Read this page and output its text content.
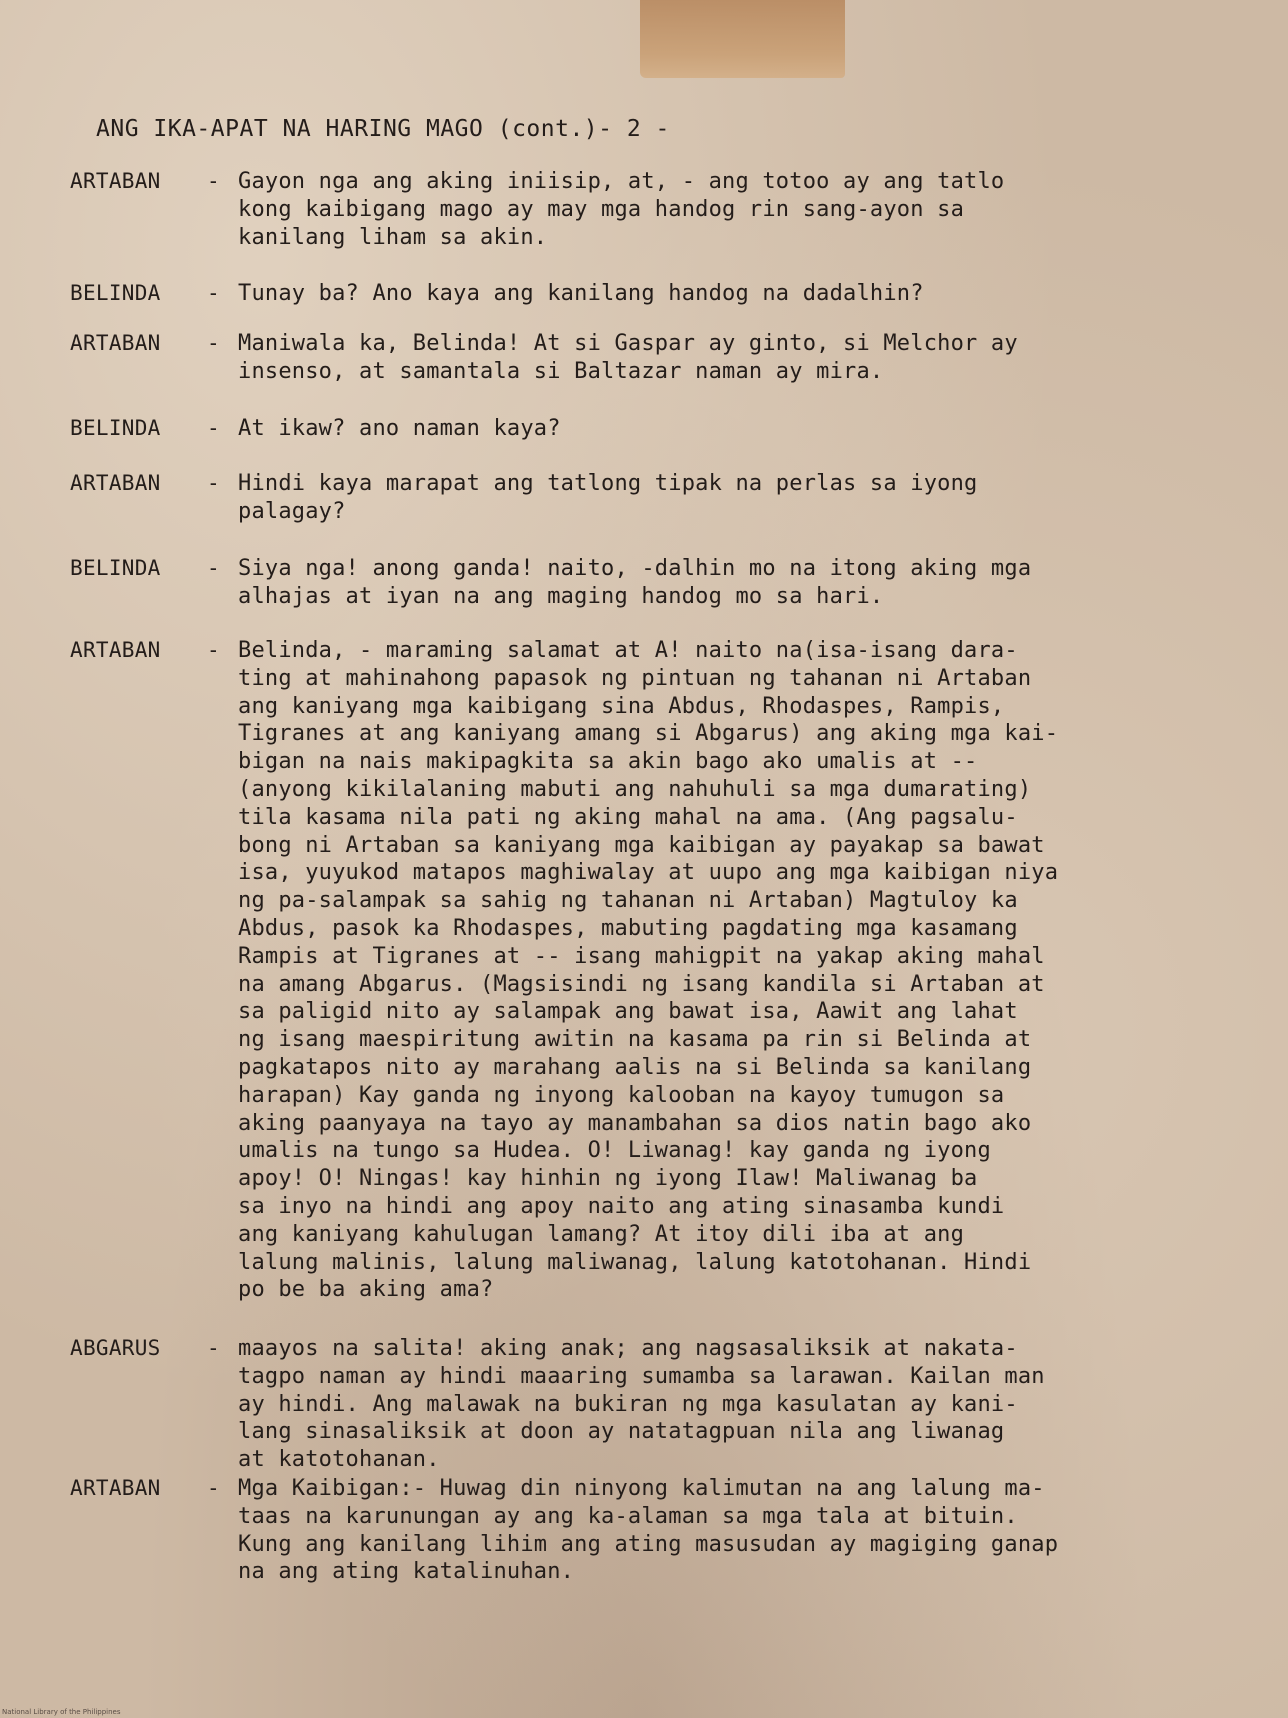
ANG IKA-APAT NA HARING MAGO (cont.)- 2 -
ARTABAN	- Gayon nga ang aking iniisip, at, - ang totoo ay ang tatlo
kong kaibigang mago ay may mga handog rin sang-ayon sa
kanilang liham sa akin.
BELINDA	- Tunay ba? Ano kaya ang kanilang handog na dadalhin?
ARTABAN	- Maniwala ka, Belinda! At si Gaspar ay ginto, si Melchor ay
insenso, at samantala si Baltazar naman ay mira.
BELINDA	- At ikaw? ano naman kaya?
ARTABAN	- Hindi kaya marapat ang tatlong tipak na perlas sa iyong
palagay?
BELINDA	- Siya nga! anong ganda! naito, -dalhin mo na itong aking mga
alhajas at iyan na ang maging handog mo sa hari.
ARTABAN	- Belinda, - maraming salamat at A! naito na(isa-isang dara-
ting at mahinahong papasok ng pintuan ng tahanan ni Artaban
ang kaniyang mga kaibigang sina Abdus, Rhodaspes, Rampis,
Tigranes at ang kaniyang amang si Abgarus) ang aking mga kai-
bigan na nais makipagkita sa akin bago ako umalis at --
(anyong kikilalaning mabuti ang nahuhuli sa mga dumarating)
tila kasama nila pati ng aking mahal na ama. (Ang pagsalu-
bong ni Artaban sa kaniyang mga kaibigan ay payakap sa bawat
isa, yuyukod matapos maghiwalay at uupo ang mga kaibigan niya
ng pa-salampak sa sahig ng tahanan ni Artaban) Magtuloy ka
Abdus, pasok ka Rhodaspes, mabuting pagdating mga kasamang
Rampis at Tigranes at -- isang mahigpit na yakap aking mahal
na amang Abgarus. (Magsisindi ng isang kandila si Artaban at
sa paligid nito ay salampak ang bawat isa, Aawit ang lahat
ng isang maespiritung awitin na kasama pa rin si Belinda at
pagkatapos nito ay marahang aalis na si Belinda sa kanilang
harapan) Kay ganda ng inyong kalooban na kayoy tumugon sa
aking paanyaya na tayo ay manambahan sa dios natin bago ako
umalis na tungo sa Hudea. O! Liwanag! kay ganda ng iyong
apoy! O! Ningas! kay hinhin ng iyong Ilaw! Maliwanag ba
sa inyo na hindi ang apoy naito ang ating sinasamba kundi
ang kaniyang kahulugan lamang? At itoy dili iba at ang
lalung malinis, lalung maliwanag, lalung katotohanan. Hindi
po be ba aking ama?
ABGARUS	- maayos na salita! aking anak; ang nagsasaliksik at nakata-
tagpo naman ay hindi maaaring sumamba sa larawan. Kailan man
ay hindi. Ang malawak na bukiran ng mga kasulatan ay kani-
lang sinasaliksik at doon ay natatagpuan nila ang liwanag
at katotohanan.
ARTABAN	- Mga Kaibigan:- Huwag din ninyong kalimutan na ang lalung ma-
taas na karunungan ay ang ka-alaman sa mga tala at bituin.
Kung ang kanilang lihim ang ating masusudan ay magiging ganap
na ang ating katalinuhan.
National Library of the Philippines
